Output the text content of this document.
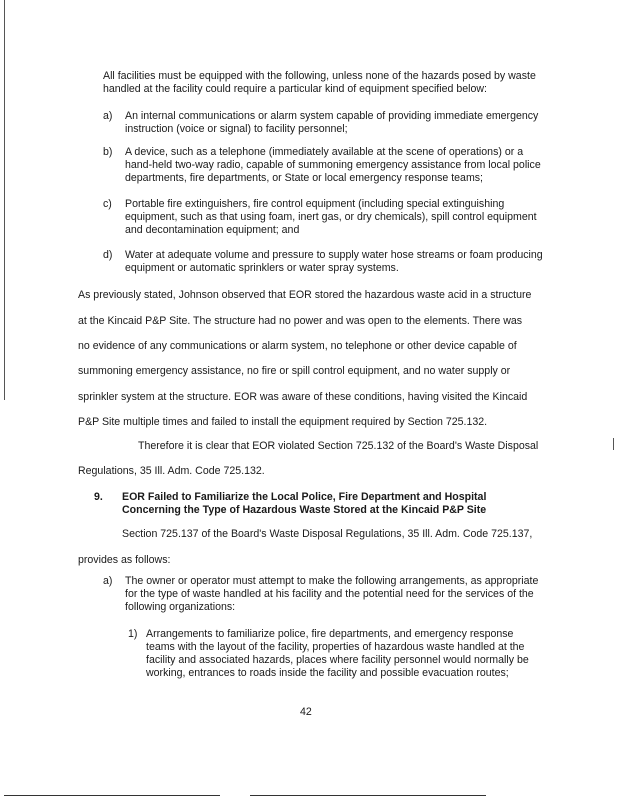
All facilities must be equipped with the following, unless none of the hazards posed by waste handled at the facility could require a particular kind of equipment specified below:
a) An internal communications or alarm system capable of providing immediate emergency instruction (voice or signal) to facility personnel;
b) A device, such as a telephone (immediately available at the scene of operations) or a hand-held two-way radio, capable of summoning emergency assistance from local police departments, fire departments, or State or local emergency response teams;
c) Portable fire extinguishers, fire control equipment (including special extinguishing equipment, such as that using foam, inert gas, or dry chemicals), spill control equipment and decontamination equipment; and
d) Water at adequate volume and pressure to supply water hose streams or foam producing equipment or automatic sprinklers or water spray systems.
As previously stated, Johnson observed that EOR stored the hazardous waste acid in a structure
at the Kincaid P&P Site. The structure had no power and was open to the elements. There was
no evidence of any communications or alarm system, no telephone or other device capable of
summoning emergency assistance, no fire or spill control equipment, and no water supply or
sprinkler system at the structure. EOR was aware of these conditions, having visited the Kincaid
P&P Site multiple times and failed to install the equipment required by Section 725.132.
Therefore it is clear that EOR violated Section 725.132 of the Board's Waste Disposal
Regulations, 35 Ill. Adm. Code 725.132.
9. EOR Failed to Familiarize the Local Police, Fire Department and Hospital Concerning the Type of Hazardous Waste Stored at the Kincaid P&P Site
Section 725.137 of the Board's Waste Disposal Regulations, 35 Ill. Adm. Code 725.137,
provides as follows:
a) The owner or operator must attempt to make the following arrangements, as appropriate for the type of waste handled at his facility and the potential need for the services of the following organizations:
1) Arrangements to familiarize police, fire departments, and emergency response teams with the layout of the facility, properties of hazardous waste handled at the facility and associated hazards, places where facility personnel would normally be working, entrances to roads inside the facility and possible evacuation routes;
42
